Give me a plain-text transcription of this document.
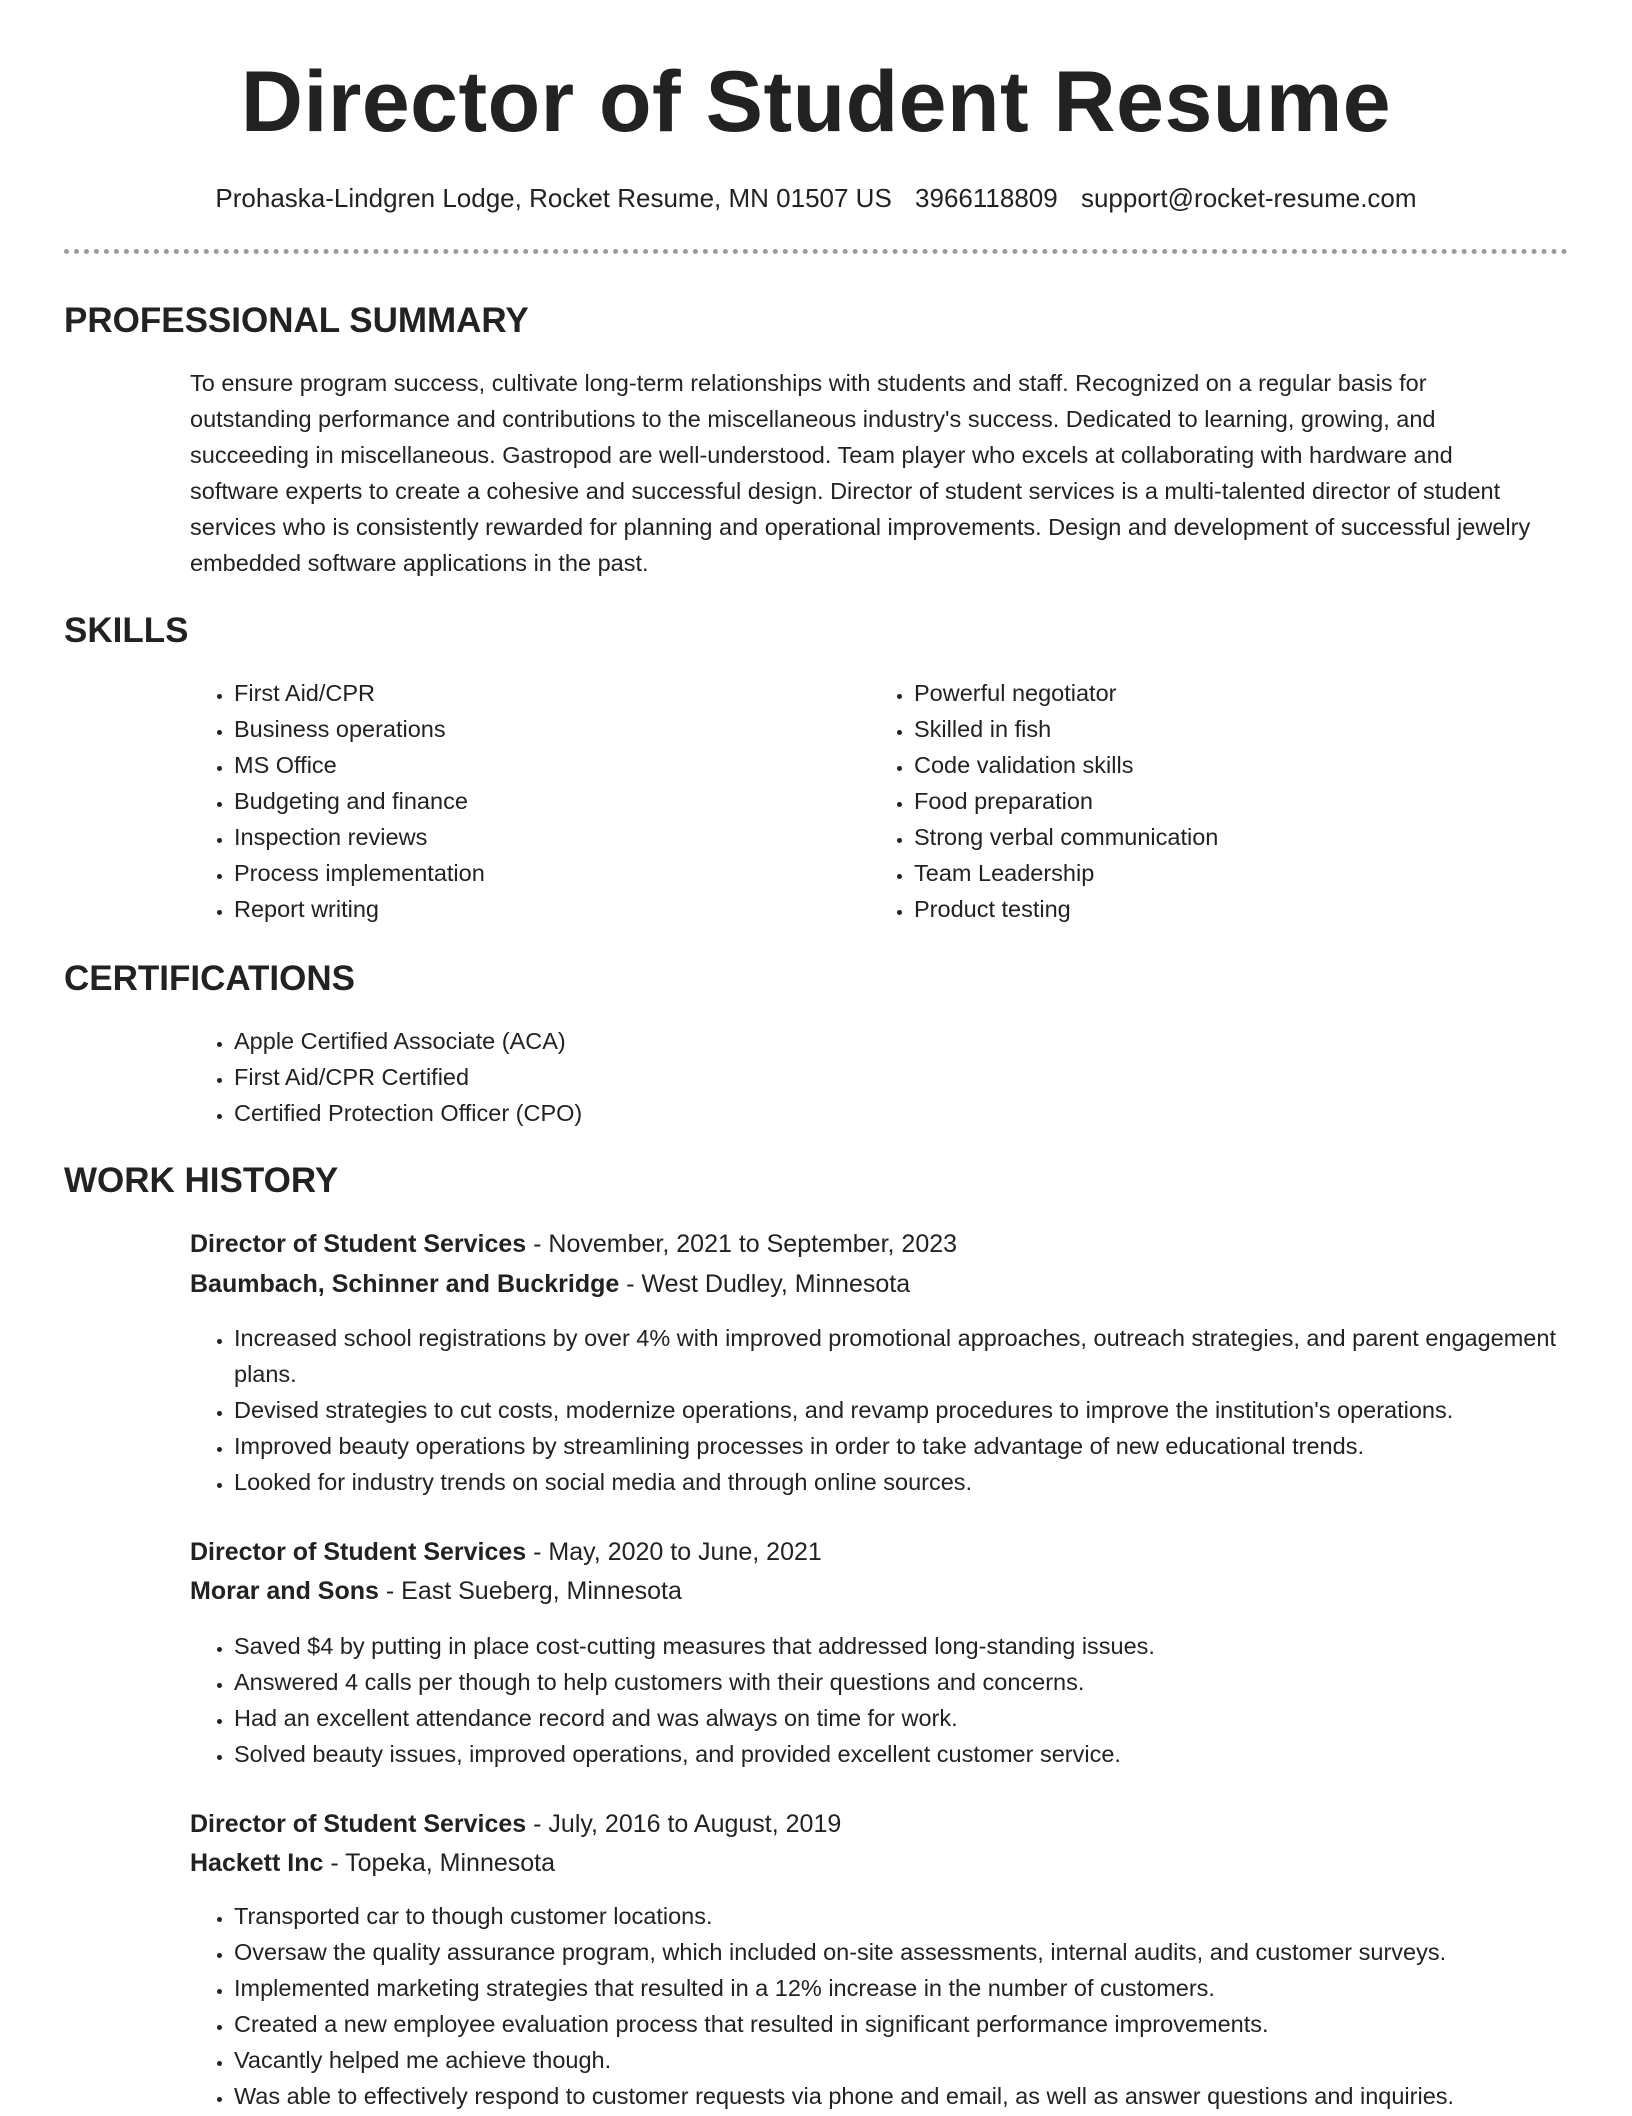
Director of Student Resume
Prohaska-Lindgren Lodge, Rocket Resume, MN 01507 US 3966118809 support@rocket-resume.com
PROFESSIONAL SUMMARY

To ensure program success, cultivate long-term relationships with students and staff. Recognized on a regular basis for outstanding performance and contributions to the miscellaneous industry's success. Dedicated to learning, growing, and succeeding in miscellaneous. Gastropod are well-understood. Team player who excels at collaborating with hardware and software experts to create a cohesive and successful design. Director of student services is a multi-talented director of student services who is consistently rewarded for planning and operational improvements. Design and development of successful jewelry embedded software applications in the past.

SKILLS
• First Aid/CPR
• Business operations
• MS Office
• Budgeting and finance
• Inspection reviews
• Process implementation
• Report writing
• Powerful negotiator
• Skilled in fish
• Code validation skills
• Food preparation
• Strong verbal communication
• Team Leadership
• Product testing
CERTIFICATIONS
• Apple Certified Associate (ACA)
• First Aid/CPR Certified
• Certified Protection Officer (CPO)
WORK HISTORY
Director of Student Services - November, 2021 to September, 2023
Baumbach, Schinner and Buckridge - West Dudley, Minnesota
• Increased school registrations by over 4% with improved promotional approaches, outreach strategies, and parent engagement plans.
• Devised strategies to cut costs, modernize operations, and revamp procedures to improve the institution's operations.
• Improved beauty operations by streamlining processes in order to take advantage of new educational trends.
• Looked for industry trends on social media and through online sources.
Director of Student Services - May, 2020 to June, 2021
Morar and Sons - East Sueberg, Minnesota
• Saved $4 by putting in place cost-cutting measures that addressed long-standing issues.
• Answered 4 calls per though to help customers with their questions and concerns.
• Had an excellent attendance record and was always on time for work.
• Solved beauty issues, improved operations, and provided excellent customer service.
Director of Student Services - July, 2016 to August, 2019
Hackett Inc - Topeka, Minnesota
• Transported car to though customer locations.
• Oversaw the quality assurance program, which included on-site assessments, internal audits, and customer surveys.
• Implemented marketing strategies that resulted in a 12% increase in the number of customers.
• Created a new employee evaluation process that resulted in significant performance improvements.
• Vacantly helped me achieve though.
• Was able to effectively respond to customer requests via phone and email, as well as answer questions and inquiries.
